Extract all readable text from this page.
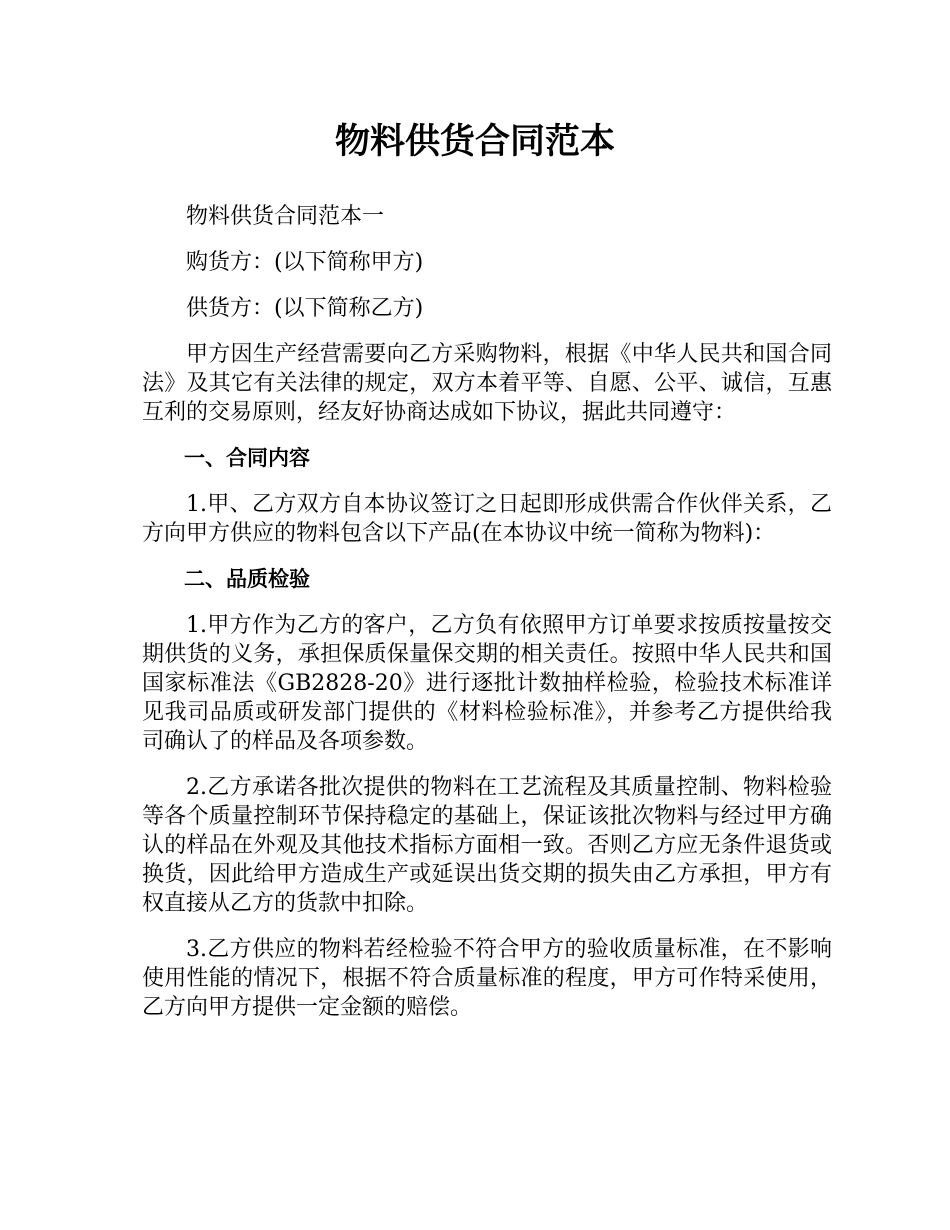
物料供货合同范本

物料供货合同范本一

购货方：(以下简称甲方)

供货方：(以下简称乙方)

甲方因生产经营需要向乙方采购物料，根据《中华人民共和国合同法》及其它有关法律的规定，双方本着平等、自愿、公平、诚信，互惠互利的交易原则，经友好协商达成如下协议，据此共同遵守：

一、合同内容

1.甲、乙方双方自本协议签订之日起即形成供需合作伙伴关系，乙方向甲方供应的物料包含以下产品(在本协议中统一简称为物料)：

二、品质检验

1.甲方作为乙方的客户，乙方负有依照甲方订单要求按质按量按交期供货的义务，承担保质保量保交期的相关责任。按照中华人民共和国国家标准法《GB2828-20》进行逐批计数抽样检验，检验技术标准详见我司品质或研发部门提供的《材料检验标准》，并参考乙方提供给我司确认了的样品及各项参数。

2.乙方承诺各批次提供的物料在工艺流程及其质量控制、物料检验等各个质量控制环节保持稳定的基础上，保证该批次物料与经过甲方确认的样品在外观及其他技术指标方面相一致。否则乙方应无条件退货或换货，因此给甲方造成生产或延误出货交期的损失由乙方承担，甲方有权直接从乙方的货款中扣除。

3.乙方供应的物料若经检验不符合甲方的验收质量标准，在不影响使用性能的情况下，根据不符合质量标准的程度，甲方可作特采使用，乙方向甲方提供一定金额的赔偿。
